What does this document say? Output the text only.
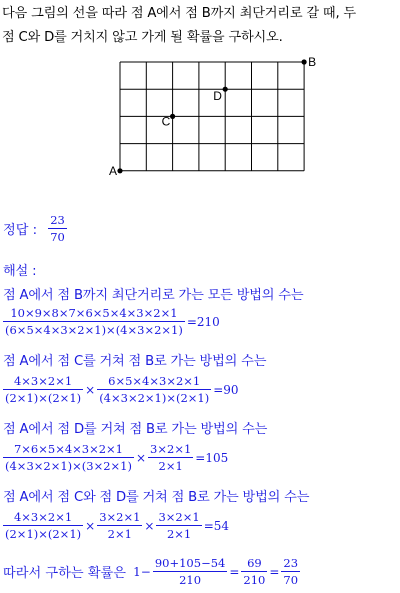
다음 그림의 선을 따라 점 A에서 점 B까지 최단거리로 갈 때, 두
점 C와 D를 거치지 않고 가게 될 확률을 구하시오.
A
B
C
D
정답 : $\frac{23}{70}$
해설 :
점 A에서 점 B까지 최단거리로 가는 모든 방법의 수는
$\frac{10\times 9\times 8\times 7\times 6\times 5\times 4\times 3\times 2\times 1}{(6\times 5\times 4\times 3\times 2\times 1)\times(4\times 3\times 2\times 1)} =210$
점 A에서 점 C를 거쳐 점 B로 가는 방법의 수는
$\frac{4\times 3\times 2\times 1}{(2\times 1)\times(2\times 1)} \times \frac{6\times 5\times 4\times 3\times 2\times 1}{(4\times 3\times 2\times 1)\times(2\times 1)} =90$
점 A에서 점 D를 거쳐 점 B로 가는 방법의 수는
$\frac{7\times 6\times 5\times 4\times 3\times 2\times 1}{(4\times 3\times 2\times 1)\times(3\times 2\times 1)} \times \frac{3\times 2\times 1}{2\times 1} =105$
점 A에서 점 C와 점 D를 거쳐 점 B로 가는 방법의 수는
$\frac{4\times 3\times 2\times 1}{(2\times 1)\times(2\times 1)} \times \frac{3\times 2\times 1}{2\times 1} \times \frac{3\times 2\times 1}{2\times 1} =54$
따라서 구하는 확률은 $1- \frac{90+105-54}{210} = \frac{69}{210} = \frac{23}{70}$
